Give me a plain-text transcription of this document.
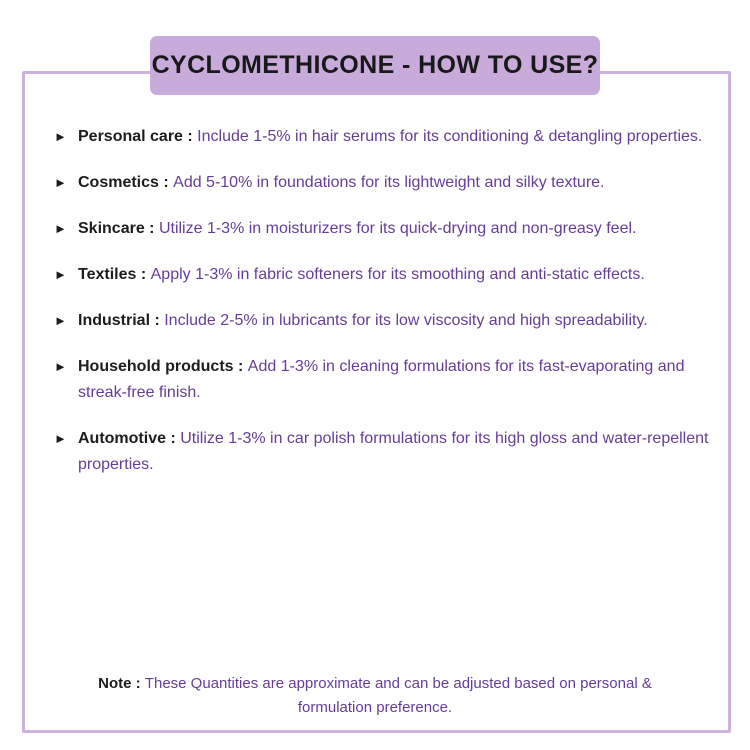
CYCLOMETHICONE - HOW TO USE?
► Personal care : Include 1-5% in hair serums for its conditioning & detangling properties.
► Cosmetics : Add 5-10% in foundations for its lightweight and silky texture.
► Skincare : Utilize 1-3% in moisturizers for its quick-drying and non-greasy feel.
► Textiles : Apply 1-3% in fabric softeners for its smoothing and anti-static effects.
► Industrial : Include 2-5% in lubricants for its low viscosity and high spreadability.
► Household products : Add 1-3% in cleaning formulations for its fast-evaporating and streak-free finish.
► Automotive : Utilize 1-3% in car polish formulations for its high gloss and water-repellent properties.
Note : These Quantities are approximate and can be adjusted based on personal & formulation preference.
